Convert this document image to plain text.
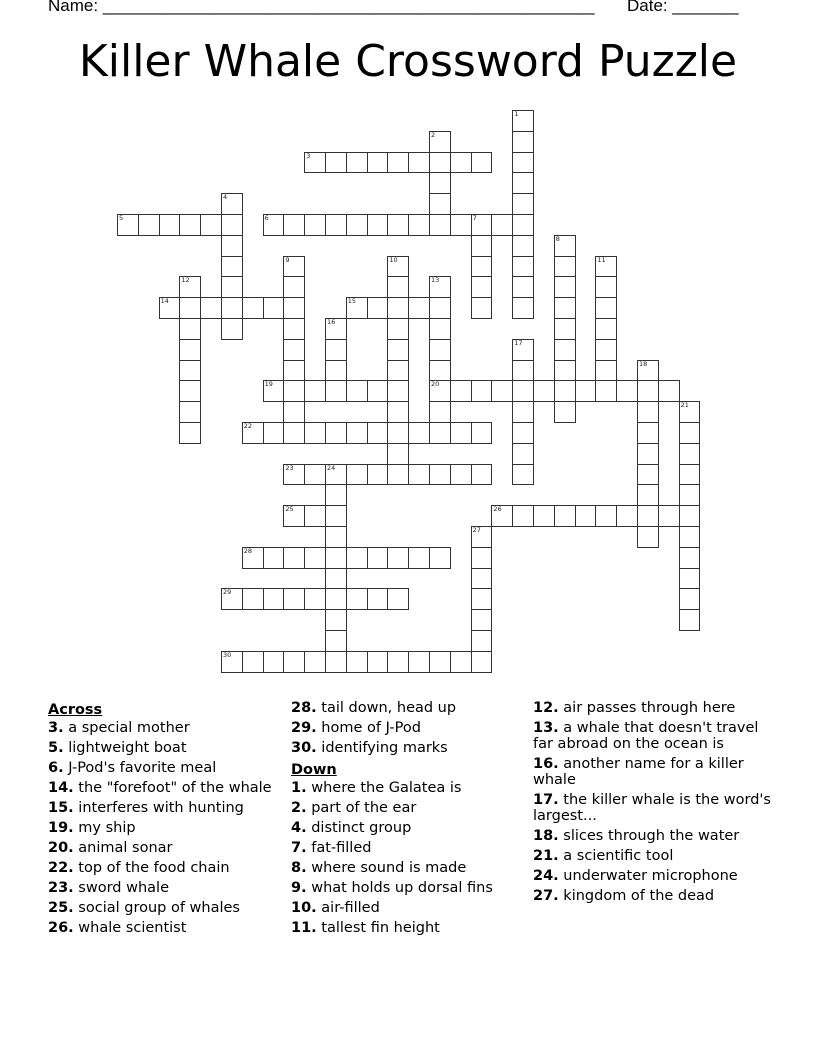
Name: ____________________________________________________ Date: _______
Killer Whale Crossword Puzzle
1
2
3
4
5	6	7
8
9	10	11
12	13
20
14	15
16
17
18
19
21
22
23	24
25	26
27
28
29
30
Across
3. a special mother
5. lightweight boat
6. J-Pod's favorite meal
14. the "forefoot" of the whale
15. interferes with hunting
19. my ship
20. animal sonar
22. top of the food chain
23. sword whale
25. social group of whales
26. whale scientist
28. tail down, head up
29. home of J-Pod
30. identifying marks
Down
1. where the Galatea is
2. part of the ear
4. distinct group
7. fat-filled
8. where sound is made
9. what holds up dorsal fins
10. air-filled
11. tallest fin height
12. air passes through here
13. a whale that doesn't travel far abroad on the ocean is
16. another name for a killer whale
17. the killer whale is the word's largest...
18. slices through the water
21. a scientific tool
24. underwater microphone
27. kingdom of the dead
